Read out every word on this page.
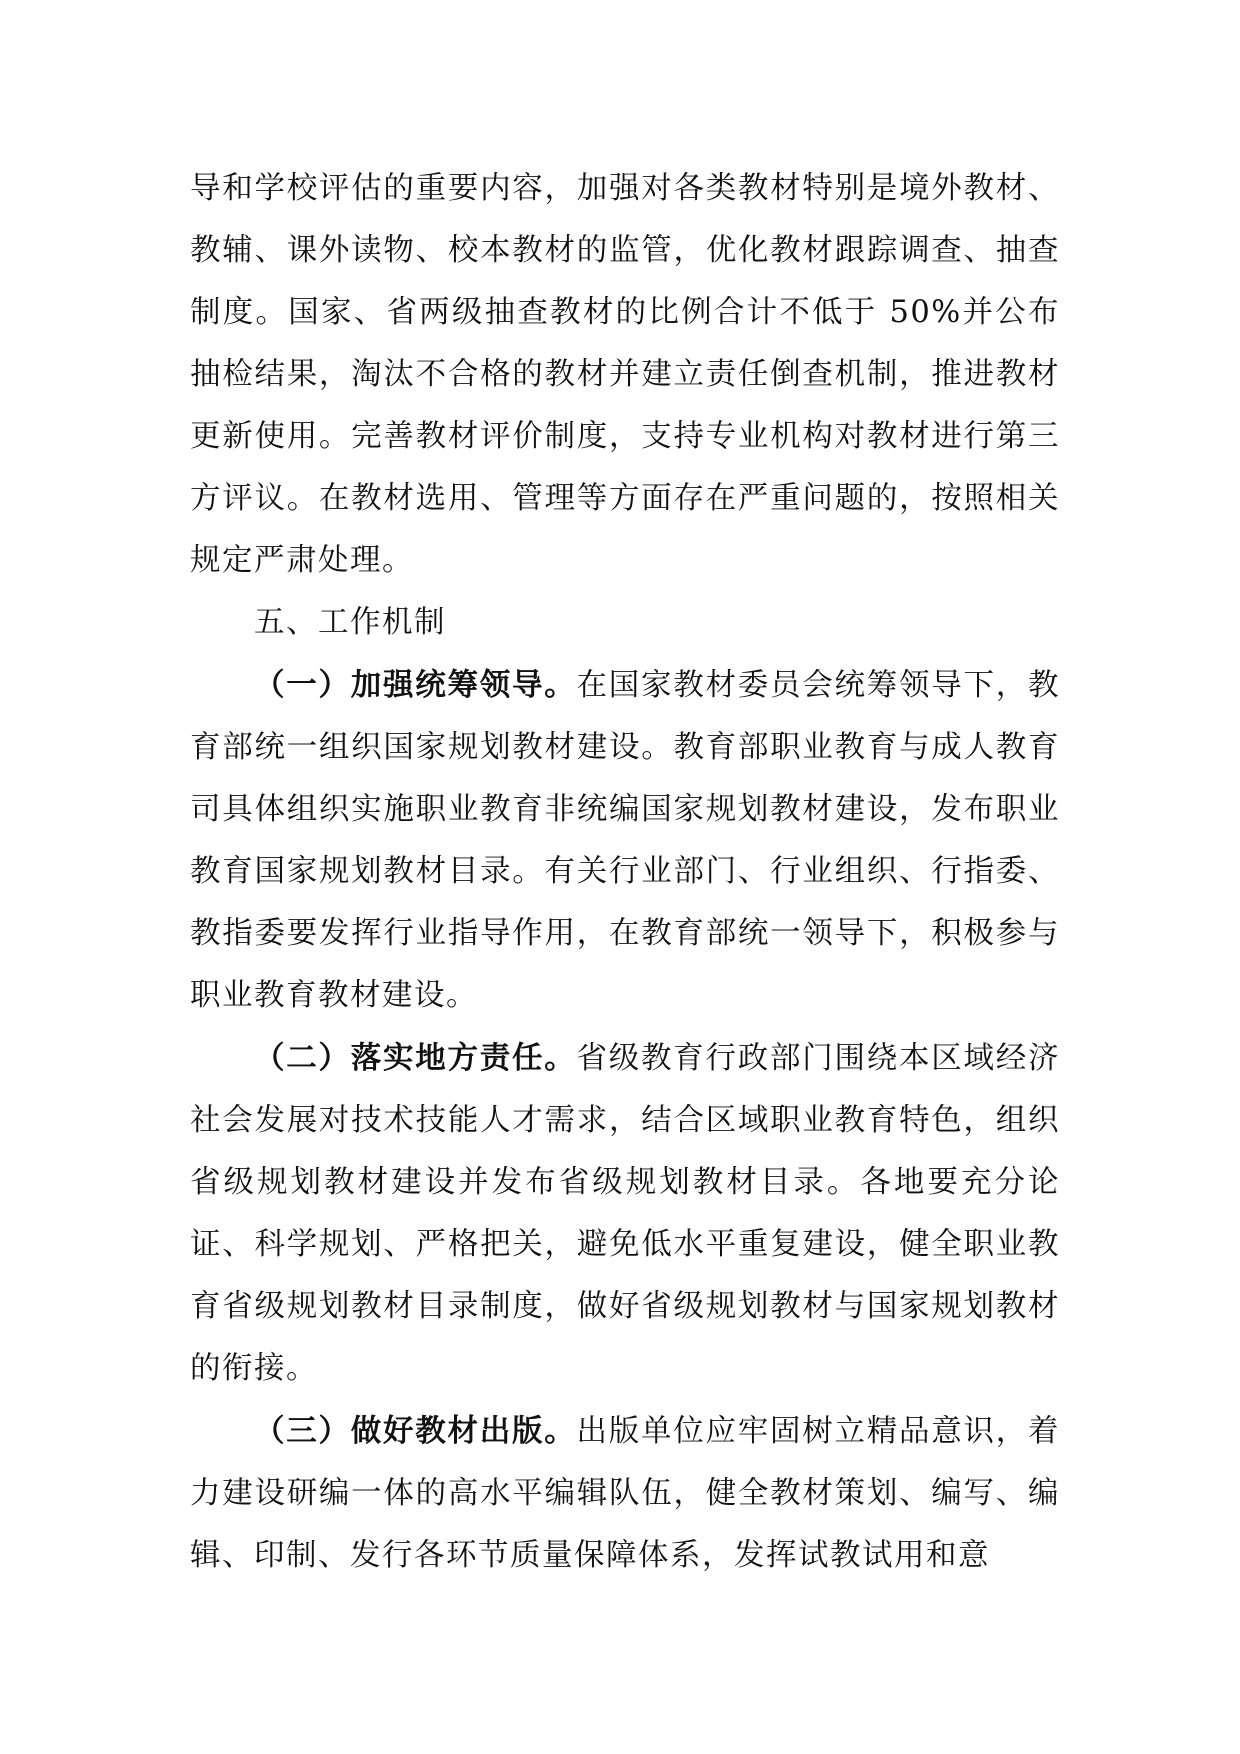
导和学校评估的重要内容，加强对各类教材特别是境外教材、教辅、课外读物、校本教材的监管，优化教材跟踪调查、抽查制度。国家、省两级抽查教材的比例合计不低于 50%并公布抽检结果，淘汰不合格的教材并建立责任倒查机制，推进教材更新使用。完善教材评价制度，支持专业机构对教材进行第三方评议。在教材选用、管理等方面存在严重问题的，按照相关规定严肃处理。

五、工作机制

（一）加强统筹领导。在国家教材委员会统筹领导下，教育部统一组织国家规划教材建设。教育部职业教育与成人教育司具体组织实施职业教育非统编国家规划教材建设，发布职业教育国家规划教材目录。有关行业部门、行业组织、行指委、教指委要发挥行业指导作用，在教育部统一领导下，积极参与职业教育教材建设。

（二）落实地方责任。省级教育行政部门围绕本区域经济社会发展对技术技能人才需求，结合区域职业教育特色，组织省级规划教材建设并发布省级规划教材目录。各地要充分论证、科学规划、严格把关，避免低水平重复建设，健全职业教育省级规划教材目录制度，做好省级规划教材与国家规划教材的衔接。

（三）做好教材出版。出版单位应牢固树立精品意识，着力建设研编一体的高水平编辑队伍，健全教材策划、编写、编辑、印制、发行各环节质量保障体系，发挥试教试用和意
